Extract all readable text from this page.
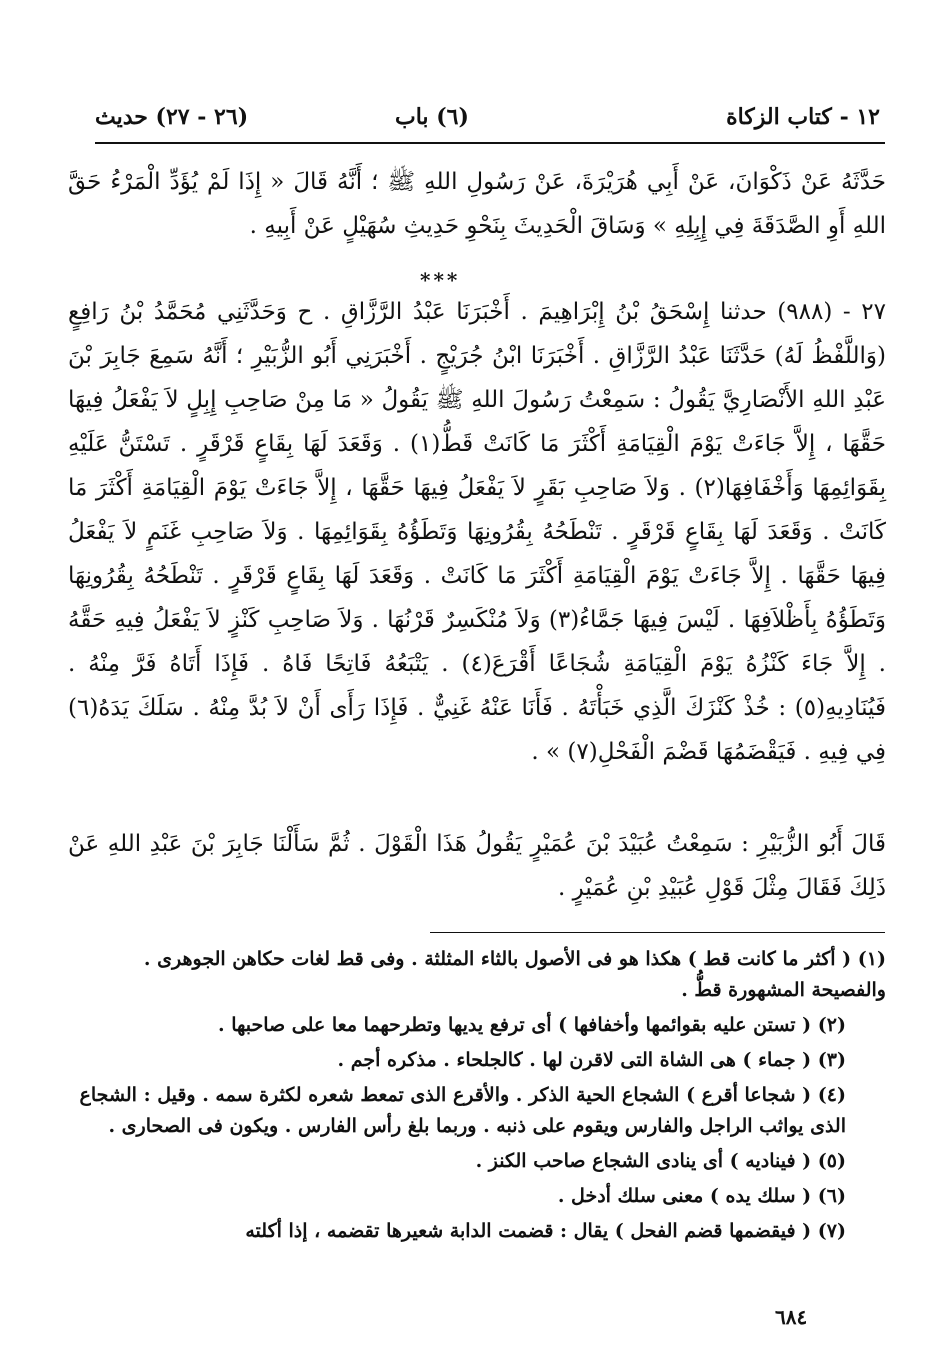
١٢ - كتاب الزكاة
(٦) باب
(٢٦ - ٢٧) حديث
حَدَّثَهُ عَنْ ذَكْوَانَ، عَنْ أَبِي هُرَيْرَةَ، عَنْ رَسُولِ اللهِ ﷺ ؛ أَنَّهُ قَالَ « إِذَا لَمْ يُؤَدِّ الْمَرْءُ حَقَّ اللهِ أَوِ الصَّدَقَةَ فِي إِبِلِهِ » وَسَاقَ الْحَدِيثَ بِنَحْوِ حَدِيثِ سُهَيْلٍ عَنْ أَبِيهِ .
***
٢٧ - (٩٨٨) حدثنا إِسْحَقُ بْنُ إِبْرَاهِيمَ . أَخْبَرَنَا عَبْدُ الرَّزَّاقِ . ح وَحَدَّثَنِي مُحَمَّدُ بْنُ رَافِعٍ (وَاللَّفْظُ لَهُ) حَدَّثَنَا عَبْدُ الرَّزَّاقِ . أَخْبَرَنَا ابْنُ جُرَيْجٍ . أَخْبَرَنِي أَبُو الزُّبَيْرِ ؛ أَنَّهُ سَمِعَ جَابِرَ بْنَ عَبْدِ اللهِ الأَنْصَارِيَّ يَقُولُ : سَمِعْتُ رَسُولَ اللهِ ﷺ يَقُولُ « مَا مِنْ صَاحِبِ إِبِلٍ لاَ يَفْعَلُ فِيهَا حَقَّهَا ، إِلاَّ جَاءَتْ يَوْمَ الْقِيَامَةِ أَكْثَرَ مَا كَانَتْ قَطُّ(١) . وَقَعَدَ لَهَا بِقَاعٍ قَرْقَرٍ . تَسْتَنُّ عَلَيْهِ بِقَوَائِمِهَا وَأَخْفَافِهَا(٢) . وَلاَ صَاحِبِ بَقَرٍ لاَ يَفْعَلُ فِيهَا حَقَّهَا ، إِلاَّ جَاءَتْ يَوْمَ الْقِيَامَةِ أَكْثَرَ مَا كَانَتْ . وَقَعَدَ لَهَا بِقَاعٍ قَرْقَرٍ . تَنْطَحُهُ بِقُرُونِهَا وَتَطَؤُهُ بِقَوَائِمِهَا . وَلاَ صَاحِبِ غَنَمٍ لاَ يَفْعَلُ فِيهَا حَقَّهَا . إِلاَّ جَاءَتْ يَوْمَ الْقِيَامَةِ أَكْثَرَ مَا كَانَتْ . وَقَعَدَ لَهَا بِقَاعٍ قَرْقَرٍ . تَنْطَحُهُ بِقُرُونِهَا وَتَطَؤُهُ بِأَظْلاَفِهَا . لَيْسَ فِيهَا جَمَّاءُ(٣) وَلاَ مُنْكَسِرٌ قَرْنُهَا . وَلاَ صَاحِبِ كَنْزٍ لاَ يَفْعَلُ فِيهِ حَقَّهُ . إِلاَّ جَاءَ كَنْزُهُ يَوْمَ الْقِيَامَةِ شُجَاعًا أَقْرَعَ(٤) . يَتْبَعُهُ فَاتِحًا فَاهُ . فَإِذَا أَتَاهُ فَرَّ مِنْهُ . فَيُنَادِيهِ(٥) : خُذْ كَنْزَكَ الَّذِي خَبَأْتَهُ . فَأَنَا عَنْهُ غَنِيٌّ . فَإِذَا رَأَى أَنْ لاَ بُدَّ مِنْهُ . سَلَكَ يَدَهُ(٦) فِي فِيهِ . فَيَقْضَمُهَا قَضْمَ الْفَحْلِ(٧) » .
قَالَ أَبُو الزُّبَيْرِ : سَمِعْتُ عُبَيْدَ بْنَ عُمَيْرٍ يَقُولُ هَذَا الْقَوْلَ . ثُمَّ سَأَلْنَا جَابِرَ بْنَ عَبْدِ اللهِ عَنْ ذَلِكَ فَقَالَ مِثْلَ قَوْلِ عُبَيْدِ بْنِ عُمَيْرٍ .

(١) ( أكثر ما كانت قط ) هكذا هو فى الأصول بالثاء المثلثة . وفى قط لغات حكاهن الجوهرى . والفصيحة المشهورة قطُّ .

(٢) ( تستن عليه بقوائمها وأخفافها ) أى ترفع يديها وتطرحهما معا على صاحبها .

(٣) ( جماء ) هى الشاة التى لاقرن لها . كالجلحاء . مذكره أجم .

(٤) ( شجاعا أقرع ) الشجاع الحية الذكر . والأقرع الذى تمعط شعره لكثرة سمه . وقيل : الشجاع الذى يواثب الراجل والفارس ويقوم على ذنبه . وربما بلغ رأس الفارس . ويكون فى الصحارى .

(٥) ( فيناديه ) أى ينادى الشجاع صاحب الكنز .

(٦) ( سلك يده ) معنى سلك أدخل .

(٧) ( فيقضمها قضم الفحل ) يقال : قضمت الدابة شعيرها تقضمه ، إذا أكلته

٦٨٤
